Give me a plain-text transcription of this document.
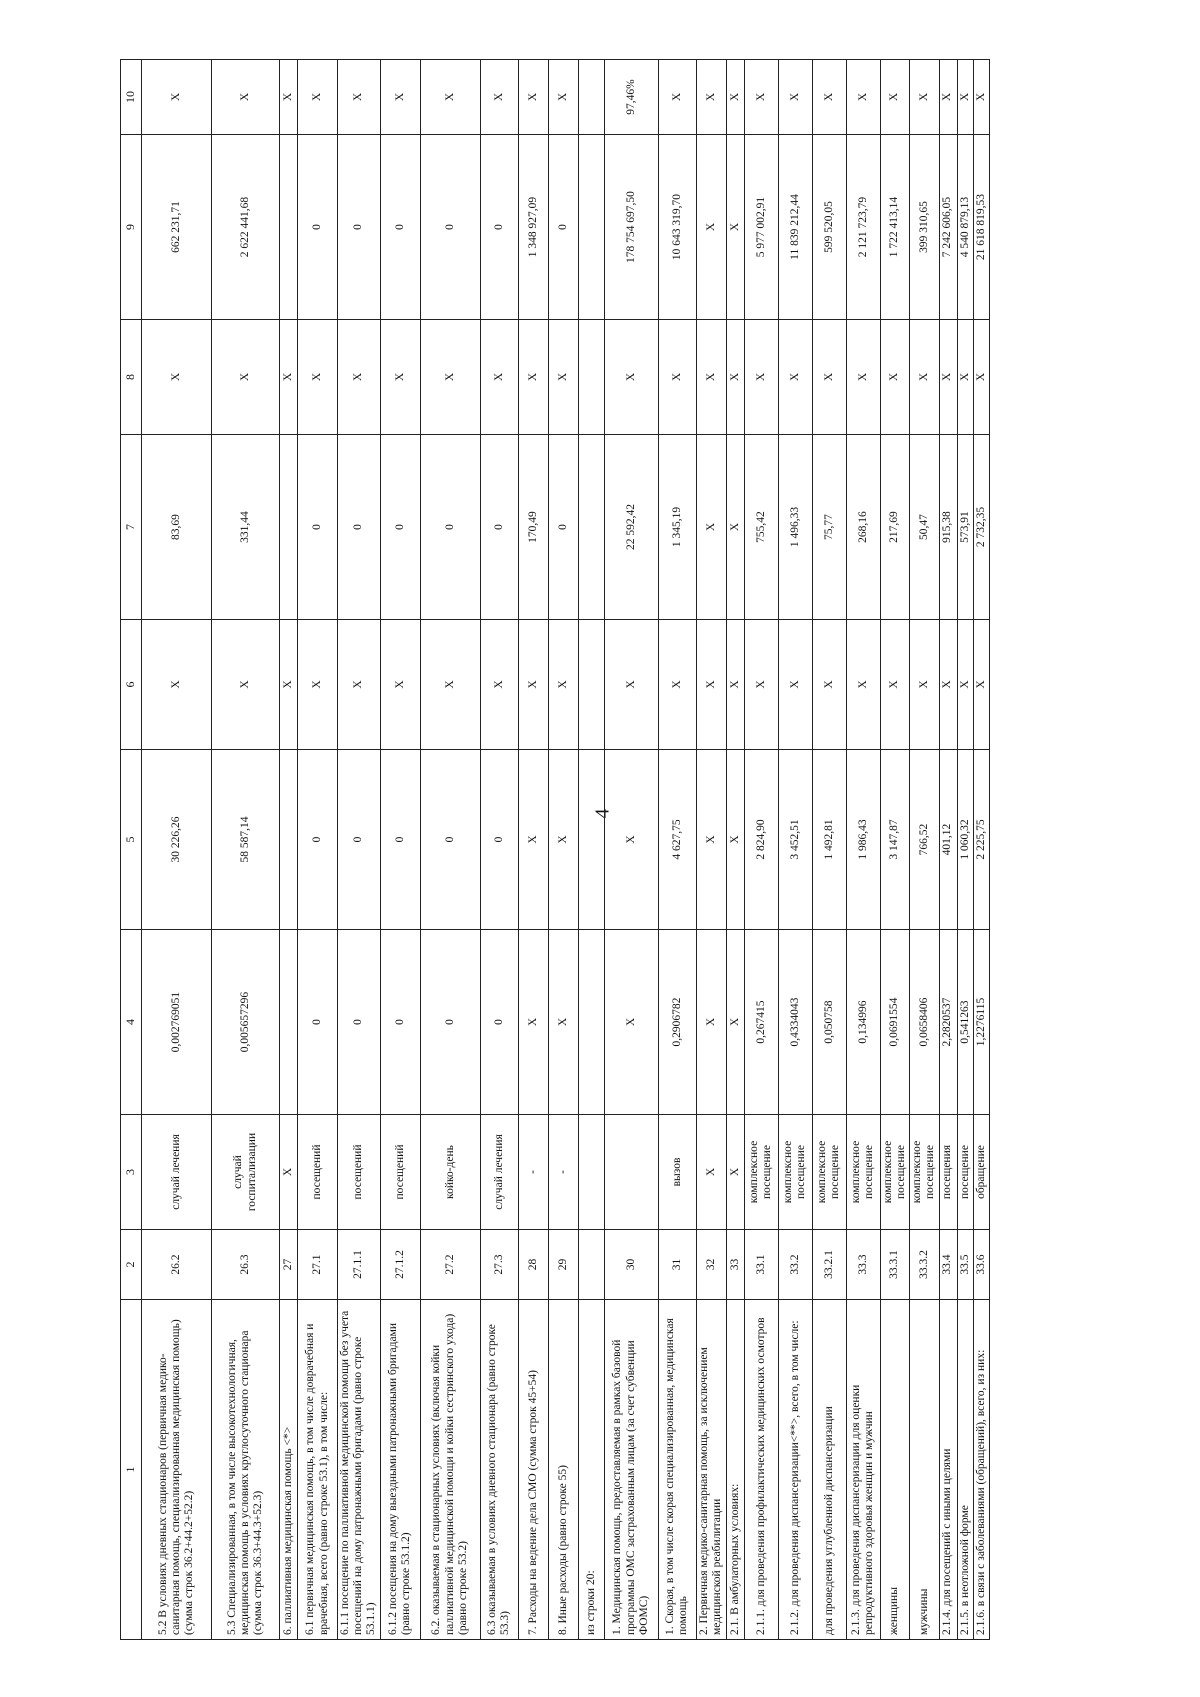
4
1	2	3	4	5	6	7	8	9	10
5.2 В условиях дневных стационаров (первичная медико-санитарная помощь, специализированная медицинская помощь) (сумма строк 36.2+44.2+52.2)	26.2	случай лечения	0,002769051	30 226,26	X	83,69	X	662 231,71	X
5.3 Специализированная, в том числе высокотехнологичная, медицинская помощь в условиях круглосуточного стационара (сумма строк 36.3+44.3+52.3)	26.3	случай госпитализации	0,005657296	58 587,14	X	331,44	X	2 622 441,68	X
6. паллиативная медицинская помощь <*>	27	X			X		X		X
6.1 первичная медицинская помощь, в том числе доврачебная и врачебная, всего (равно строке 53.1), в том числе:	27.1	посещений	0	0	X	0	X	0	X
6.1.1 посещение по паллиативной медицинской помощи без учета посещений на дому патронажными бригадами (равно строке 53.1.1)	27.1.1	посещений	0	0	X	0	X	0	X
6.1.2 посещения на дому выездными патронажными бригадами (равно строке 53.1.2)	27.1.2	посещений	0	0	X	0	X	0	X
6.2. оказываемая в стационарных условиях (включая койки паллиативной медицинской помощи и койки сестринского ухода) (равно строке 53.2)	27.2	койко-день	0	0	X	0	X	0	X
6.3 оказываемая в условиях дневного стационара (равно строке 53.3)	27.3	случай лечения	0	0	X	0	X	0	X
7. Расходы на ведение дела СМО (сумма строк 45+54)	28	-	X	X	X	170,49	X	1 348 927,09	X
8. Иные расходы (равно строке 55)	29	-	X	X	X	0	X	0	X
из строки 20:									
1. Медицинская помощь, предоставляемая в рамках базовой программы ОМС застрахованным лицам (за счет субвенции ФОМС)	30		X	X	X	22 592,42	X	178 754 697,50	97,46%
1. Скорая, в том числе скорая специализированная, медицинская помощь	31	вызов	0,2906782	4 627,75	X	1 345,19	X	10 643 319,70	X
2. Первичная медико-санитарная помощь, за исключением медицинской реабилитации	32	X	X	X	X	X	X	X	X
2.1. В амбулаторных условиях:	33	X	X	X	X	X	X	X	X
2.1.1. для проведения профилактических медицинских осмотров	33.1	комплексное посещение	0,267415	2 824,90	X	755,42	X	5 977 002,91	X
2.1.2. для проведения диспансеризации<**>, всего, в том числе:	33.2	комплексное посещение	0,4334043	3 452,51	X	1 496,33	X	11 839 212,44	X
для проведения углубленной диспансеризации	33.2.1	комплексное посещение	0,050758	1 492,81	X	75,77	X	599 520,05	X
2.1.3. для проведения диспансеризации для оценки репродуктивного здоровья женщин и мужчин	33.3	комплексное посещение	0,134996	1 986,43	X	268,16	X	2 121 723,79	X
женщины	33.3.1	комплексное посещение	0,0691554	3 147,87	X	217,69	X	1 722 413,14	X
мужчины	33.3.2	комплексное посещение	0,0658406	766,52	X	50,47	X	399 310,65	X
2.1.4. для посещений с иными целями	33.4	посещения	2,2820537	401,12	X	915,38	X	7 242 606,05	X
2.1.5. в неотложной форме	33.5	посещение	0,541263	1 060,32	X	573,91	X	4 540 879,13	X
2.1.6. в связи с заболеваниями (обращений), всего, из них:	33.6	обращение	1,2276115	2 225,75	X	2 732,35	X	21 618 819,53	X
